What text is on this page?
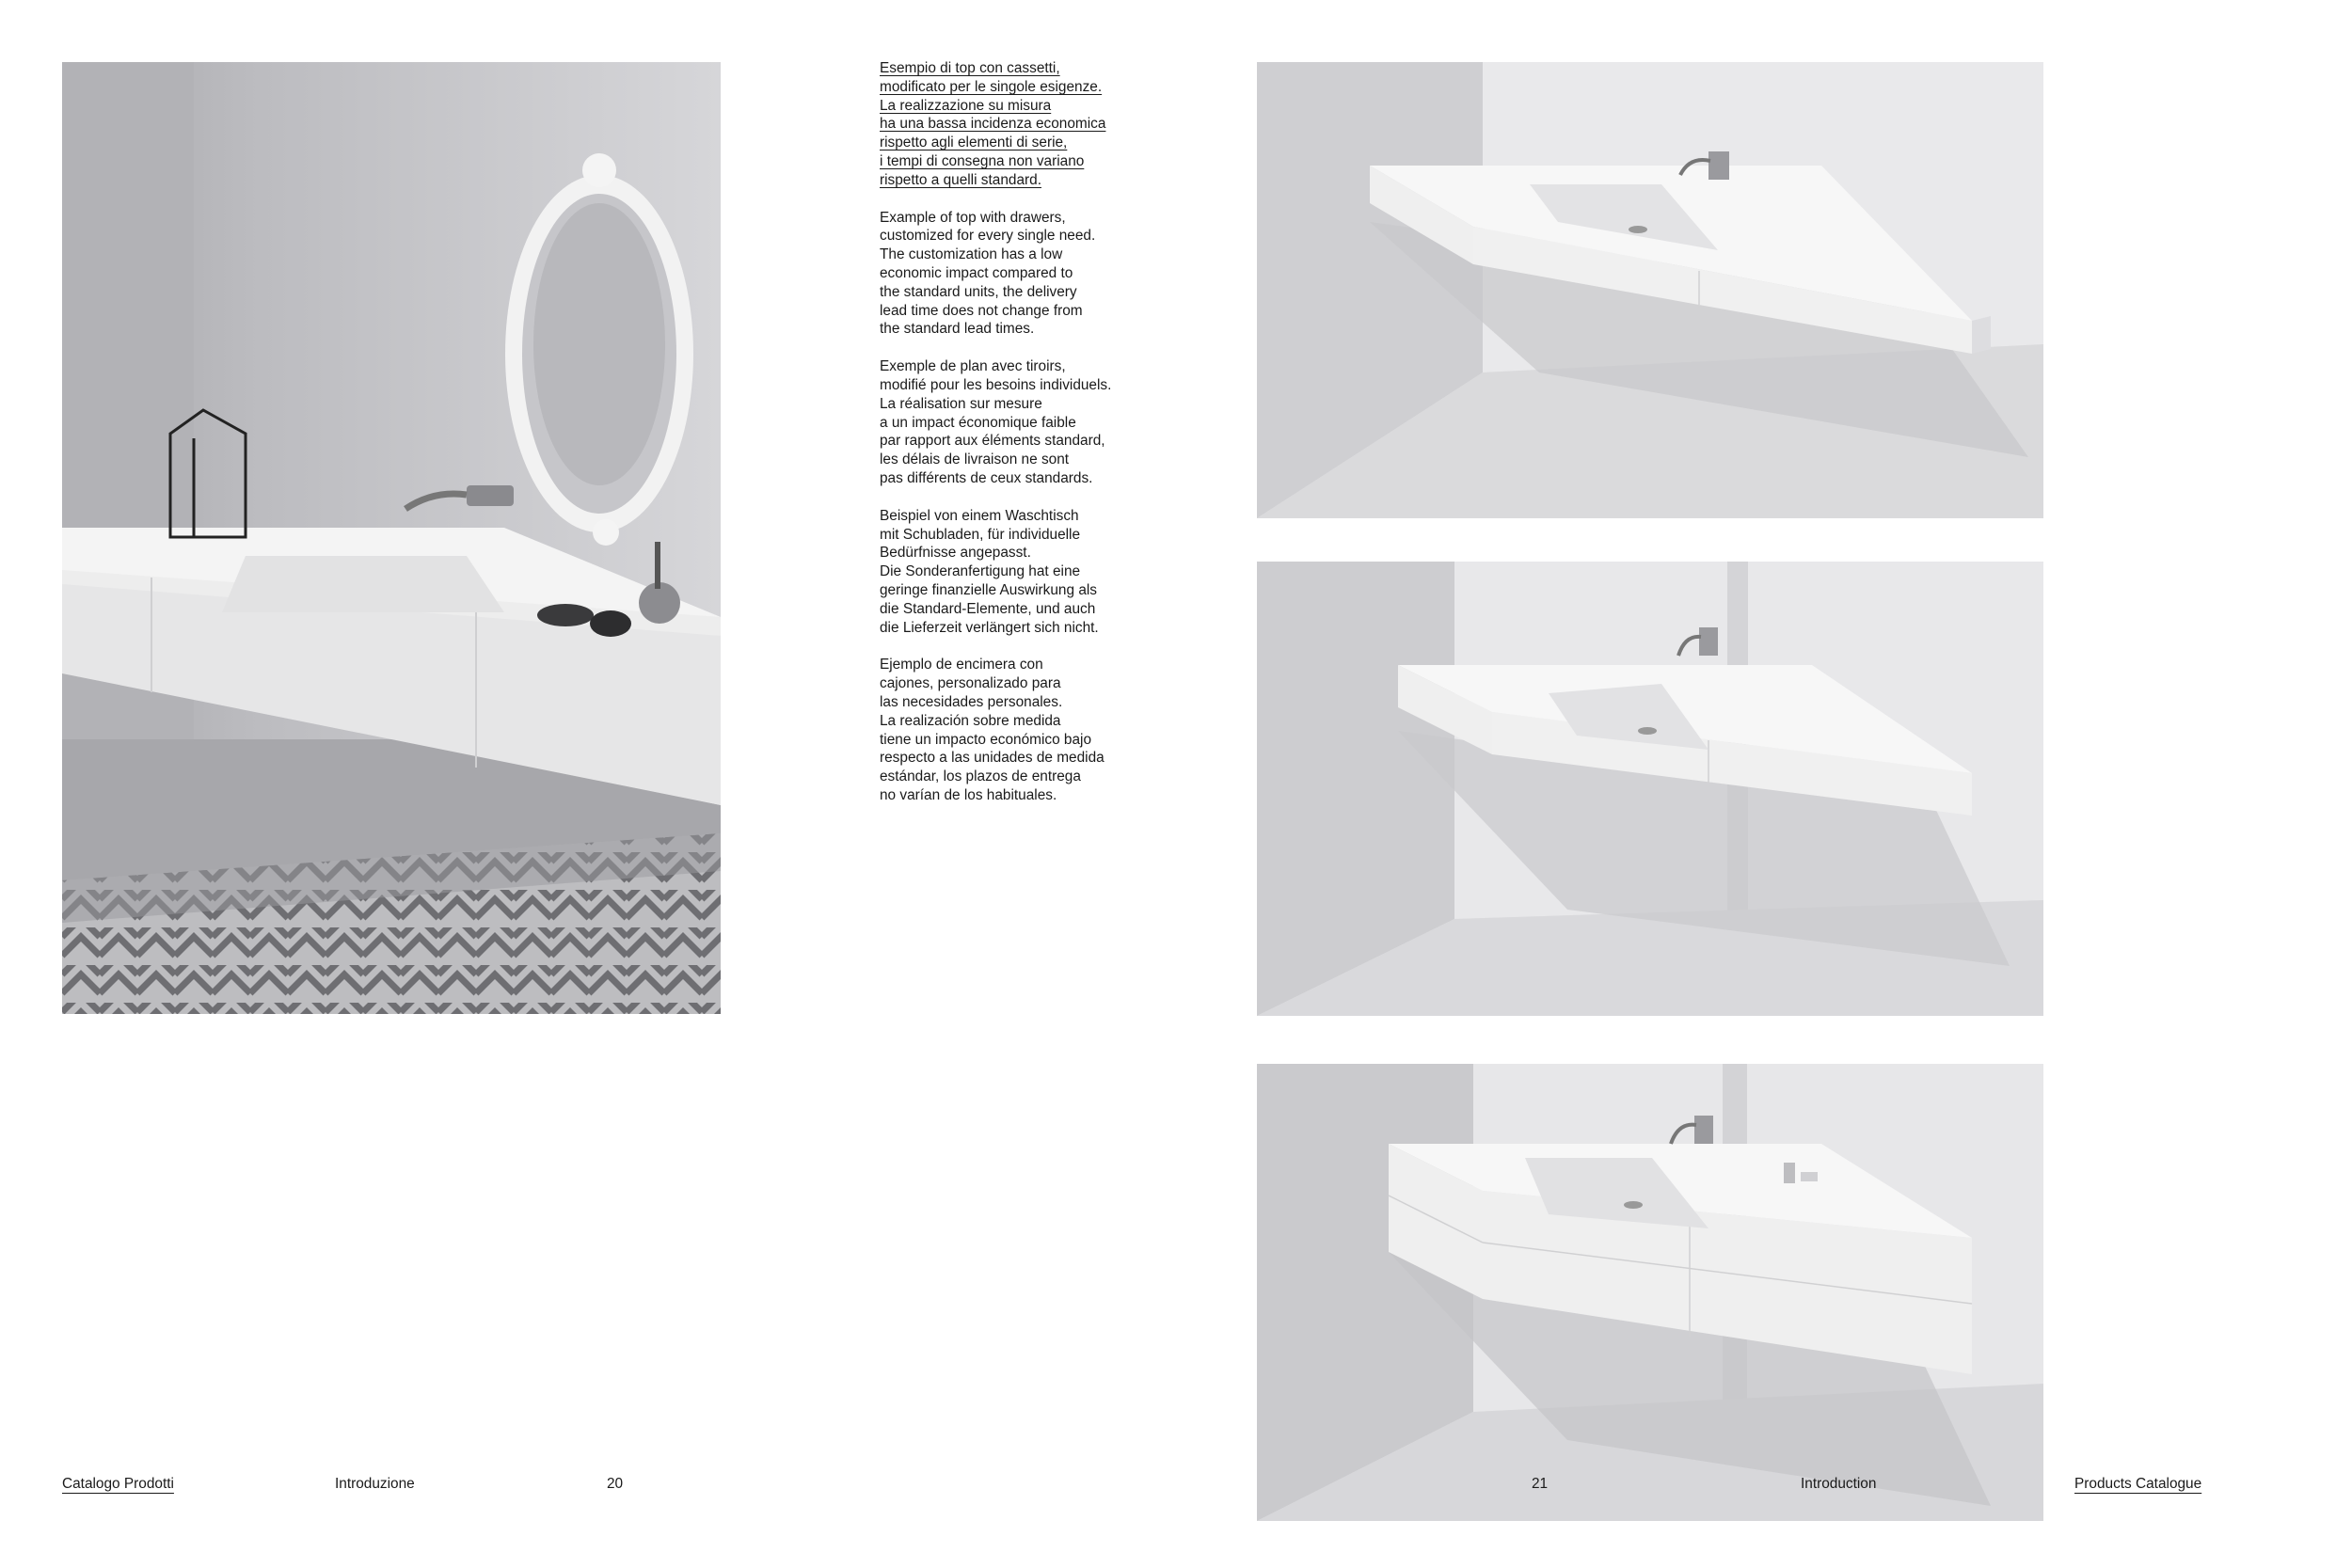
Esempio di top con cassetti,
modificato per le singole esigenze.
La realizzazione su misura
ha una bassa incidenza economica
rispetto agli elementi di serie,
i tempi di consegna non variano
rispetto a quelli standard.

Example of top with drawers,
customized for every single need.
The customization has a low
economic impact compared to
the standard units, the delivery
lead time does not change from
the standard lead times.

Exemple de plan avec tiroirs,
modifié pour les besoins individuels.
La réalisation sur mesure
a un impact économique faible
par rapport aux éléments standard,
les délais de livraison ne sont
pas différents de ceux standards.

Beispiel von einem Waschtisch
mit Schubladen, für individuelle
Bedürfnisse angepasst.
Die Sonderanfertigung hat eine
geringe finanzielle Auswirkung als
die Standard-Elemente, und auch
die Lieferzeit verlängert sich nicht.

Ejemplo de encimera con
cajones, personalizado para
las necesidades personales.
La realización sobre medida
tiene un impacto económico bajo
respecto a las unidades de medida
estándar, los plazos de entrega
no varían de los habituales.

Catalogo Prodotti	Introduzione	20	21	Introduction	Products Catalogue
